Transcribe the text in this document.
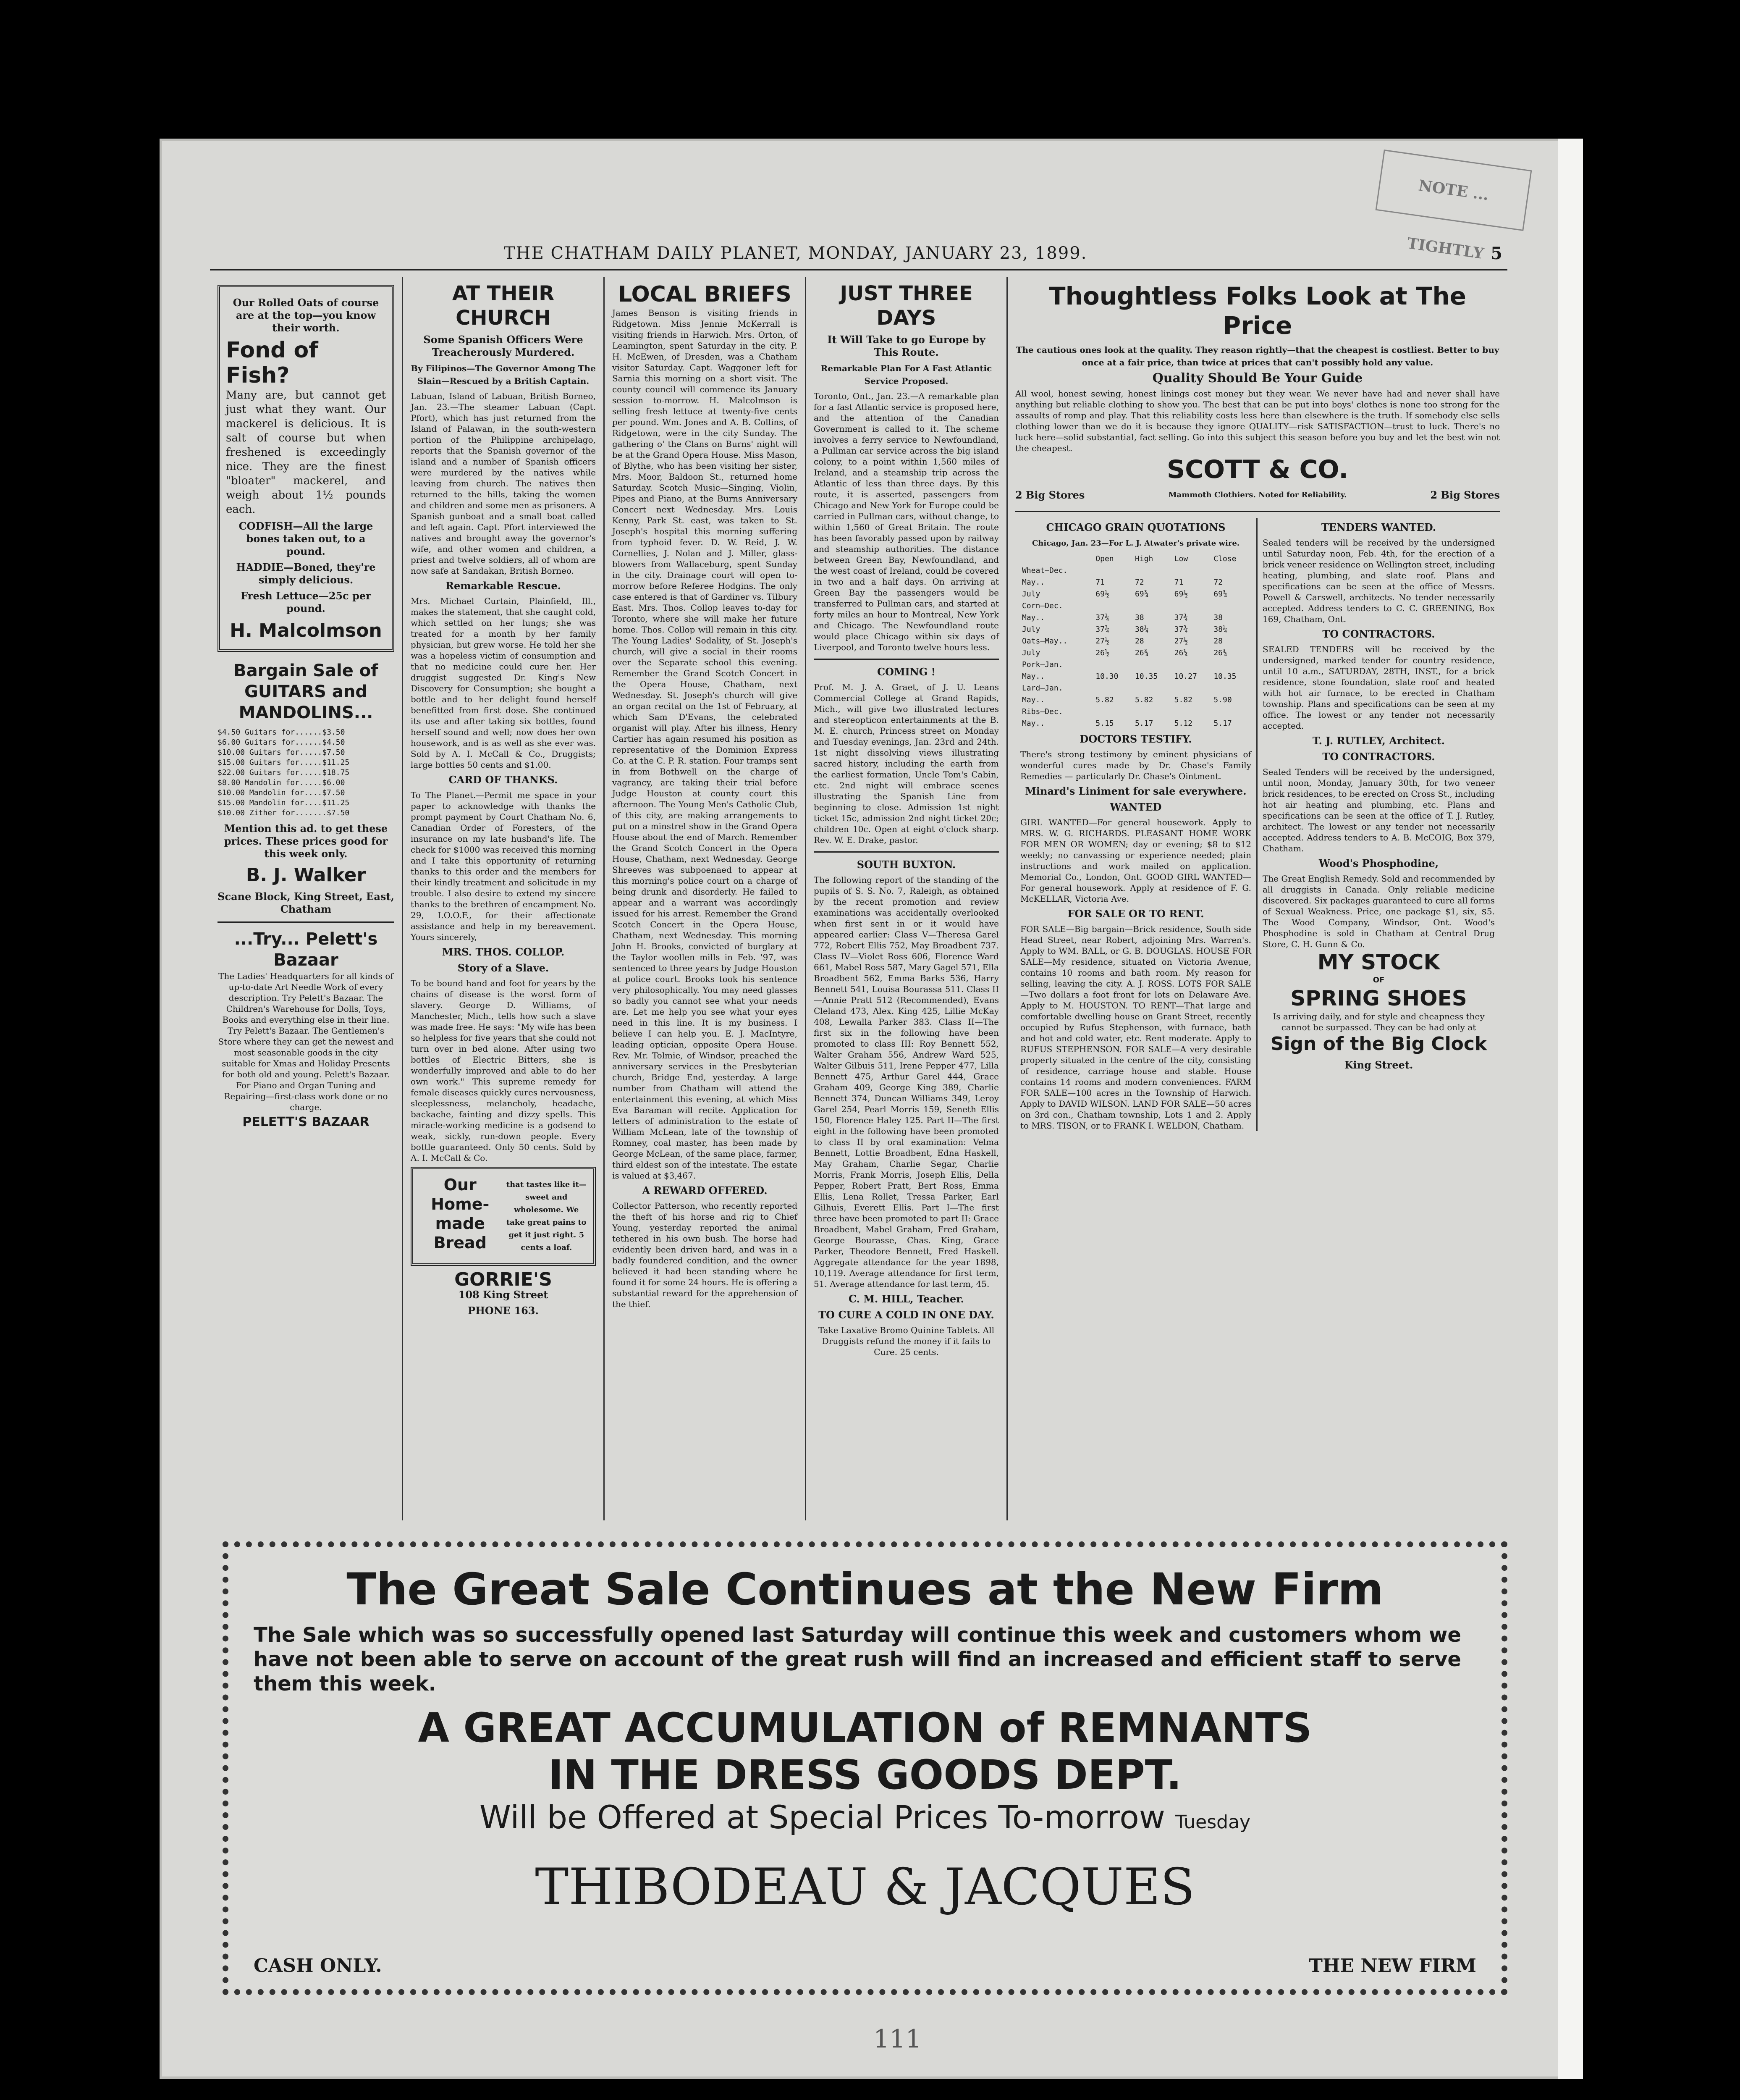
NOTE ... TIGHTLY
THE CHATHAM DAILY PLANET, MONDAY, JANUARY 23, 1899.	5
Our Rolled Oats of course are at the top—you know their worth.
Fond of Fish?
Many are, but cannot get just what they want. Our mackerel is delicious. It is salt of course but when freshened is exceedingly nice. They are the finest "bloater" mackerel, and weigh about 1½ pounds each.

CODFISH—All the large bones taken out, to a pound.

HADDIE—Boned, they're simply delicious.

Fresh Lettuce—25c per pound.

H. Malcolmson
Bargain Sale of GUITARS and MANDOLINS...
$4.50 Guitars for......$3.50
$6.00 Guitars for......$4.50
$10.00 Guitars for.....$7.50
$15.00 Guitars for.....$11.25
$22.00 Guitars for.....$18.75
$8.00 Mandolin for.....$6.00
$10.00 Mandolin for....$7.50
$15.00 Mandolin for....$11.25
$10.00 Zither for.......$7.50
Mention this ad. to get these prices. These prices good for this week only.
B. J. Walker
Scane Block, King Street, East, Chatham
...Try... Pelett's Bazaar
The Ladies' Headquarters for all kinds of up-to-date Art Needle Work of every description. Try Pelett's Bazaar. The Children's Warehouse for Dolls, Toys, Books and everything else in their line. Try Pelett's Bazaar. The Gentlemen's Store where they can get the newest and most seasonable goods in the city suitable for Xmas and Holiday Presents for both old and young. Pelett's Bazaar. For Piano and Organ Tuning and Repairing—first-class work done or no charge.
PELETT'S BAZAAR
AT THEIR CHURCH
Some Spanish Officers Were Treacherously Murdered.
By Filipinos—The Governor Among The Slain—Rescued by a British Captain.
Labuan, Island of Labuan, British Borneo, Jan. 23.—The steamer Labuan (Capt. Pfort), which has just returned from the Island of Palawan, in the south-western portion of the Philippine archipelago, reports that the Spanish governor of the island and a number of Spanish officers were murdered by the natives while leaving from church. The natives then returned to the hills, taking the women and children and some men as prisoners. A Spanish gunboat and a small boat called and left again. Capt. Pfort interviewed the natives and brought away the governor's wife, and other women and children, a priest and twelve soldiers, all of whom are now safe at Sandakan, British Borneo.
Remarkable Rescue.
Mrs. Michael Curtain, Plainfield, Ill., makes the statement, that she caught cold, which settled on her lungs; she was treated for a month by her family physician, but grew worse. He told her she was a hopeless victim of consumption and that no medicine could cure her. Her druggist suggested Dr. King's New Discovery for Consumption; she bought a bottle and to her delight found herself benefitted from first dose. She continued its use and after taking six bottles, found herself sound and well; now does her own housework, and is as well as she ever was. Sold by A. I. McCall & Co., Druggists; large bottles 50 cents and $1.00.
CARD OF THANKS.
To The Planet.—Permit me space in your paper to acknowledge with thanks the prompt payment by Court Chatham No. 6, Canadian Order of Foresters, of the insurance on my late husband's life. The check for $1000 was received this morning and I take this opportunity of returning thanks to this order and the members for their kindly treatment and solicitude in my trouble. I also desire to extend my sincere thanks to the brethren of encampment No. 29, I.O.O.F., for their affectionate assistance and help in my bereavement. Yours sincerely,
MRS. THOS. COLLOP.
Story of a Slave.
To be bound hand and foot for years by the chains of disease is the worst form of slavery. George D. Williams, of Manchester, Mich., tells how such a slave was made free. He says: "My wife has been so helpless for five years that she could not turn over in bed alone. After using two bottles of Electric Bitters, she is wonderfully improved and able to do her own work." This supreme remedy for female diseases quickly cures nervousness, sleeplessness, melancholy, headache, backache, fainting and dizzy spells. This miracle-working medicine is a godsend to weak, sickly, run-down people. Every bottle guaranteed. Only 50 cents. Sold by A. I. McCall & Co.
Our Home-made Bread
that tastes like it—sweet and wholesome. We take great pains to get it just right. 5 cents a loaf.
GORRIE'S
108 King Street
PHONE 163.
LOCAL BRIEFS
James Benson is visiting friends in Ridgetown. Miss Jennie McKerrall is visiting friends in Harwich. Mrs. Orton, of Leamington, spent Saturday in the city. P. H. McEwen, of Dresden, was a Chatham visitor Saturday. Capt. Waggoner left for Sarnia this morning on a short visit. The county council will commence its January session to-morrow. H. Malcolmson is selling fresh lettuce at twenty-five cents per pound. Wm. Jones and A. B. Collins, of Ridgetown, were in the city Sunday. The gathering o' the Clans on Burns' night will be at the Grand Opera House. Miss Mason, of Blythe, who has been visiting her sister, Mrs. Moor, Baldoon St., returned home Saturday. Scotch Music—Singing, Violin, Pipes and Piano, at the Burns Anniversary Concert next Wednesday. Mrs. Louis Kenny, Park St. east, was taken to St. Joseph's hospital this morning suffering from typhoid fever. D. W. Reid, J. W. Cornellies, J. Nolan and J. Miller, glass-blowers from Wallaceburg, spent Sunday in the city. Drainage court will open to-morrow before Referee Hodgins. The only case entered is that of Gardiner vs. Tilbury East. Mrs. Thos. Collop leaves to-day for Toronto, where she will make her future home. Thos. Collop will remain in this city. The Young Ladies' Sodality, of St. Joseph's church, will give a social in their rooms over the Separate school this evening. Remember the Grand Scotch Concert in the Opera House, Chatham, next Wednesday. St. Joseph's church will give an organ recital on the 1st of February, at which Sam D'Evans, the celebrated organist will play. After his illness, Henry Cartier has again resumed his position as representative of the Dominion Express Co. at the C. P. R. station. Four tramps sent in from Bothwell on the charge of vagrancy, are taking their trial before Judge Houston at county court this afternoon. The Young Men's Catholic Club, of this city, are making arrangements to put on a minstrel show in the Grand Opera House about the end of March. Remember the Grand Scotch Concert in the Opera House, Chatham, next Wednesday. George Shreeves was subpoenaed to appear at this morning's police court on a charge of being drunk and disorderly. He failed to appear and a warrant was accordingly issued for his arrest. Remember the Grand Scotch Concert in the Opera House, Chatham, next Wednesday. This morning John H. Brooks, convicted of burglary at the Taylor woollen mills in Feb. '97, was sentenced to three years by Judge Houston at police court. Brooks took his sentence very philosophically. You may need glasses so badly you cannot see what your needs are. Let me help you see what your eyes need in this line. It is my business. I believe I can help you. E. J. MacIntyre, leading optician, opposite Opera House. Rev. Mr. Tolmie, of Windsor, preached the anniversary services in the Presbyterian church, Bridge End, yesterday. A large number from Chatham will attend the entertainment this evening, at which Miss Eva Baraman will recite. Application for letters of administration to the estate of William McLean, late of the township of Romney, coal master, has been made by George McLean, of the same place, farmer, third eldest son of the intestate. The estate is valued at $3,467.
A REWARD OFFERED.
Collector Patterson, who recently reported the theft of his horse and rig to Chief Young, yesterday reported the animal tethered in his own bush. The horse had evidently been driven hard, and was in a badly foundered condition, and the owner believed it had been standing where he found it for some 24 hours. He is offering a substantial reward for the apprehension of the thief.
JUST THREE DAYS
It Will Take to go Europe by This Route.
Remarkable Plan For A Fast Atlantic Service Proposed.
Toronto, Ont., Jan. 23.—A remarkable plan for a fast Atlantic service is proposed here, and the attention of the Canadian Government is called to it. The scheme involves a ferry service to Newfoundland, a Pullman car service across the big island colony, to a point within 1,560 miles of Ireland, and a steamship trip across the Atlantic of less than three days. By this route, it is asserted, passengers from Chicago and New York for Europe could be carried in Pullman cars, without change, to within 1,560 of Great Britain. The route has been favorably passed upon by railway and steamship authorities. The distance between Green Bay, Newfoundland, and the west coast of Ireland, could be covered in two and a half days. On arriving at Green Bay the passengers would be transferred to Pullman cars, and started at forty miles an hour to Montreal, New York and Chicago. The Newfoundland route would place Chicago within six days of Liverpool, and Toronto twelve hours less.
COMING !
Prof. M. J. A. Graet, of J. U. Leans Commercial College at Grand Rapids, Mich., will give two illustrated lectures and stereopticon entertainments at the B. M. E. church, Princess street on Monday and Tuesday evenings, Jan. 23rd and 24th. 1st night dissolving views illustrating sacred history, including the earth from the earliest formation, Uncle Tom's Cabin, etc. 2nd night will embrace scenes illustrating the Spanish Line from beginning to close. Admission 1st night ticket 15c, admission 2nd night ticket 20c; children 10c. Open at eight o'clock sharp. Rev. W. E. Drake, pastor.
SOUTH BUXTON.
The following report of the standing of the pupils of S. S. No. 7, Raleigh, as obtained by the recent promotion and review examinations was accidentally overlooked when first sent in or it would have appeared earlier: Class V—Theresa Garel 772, Robert Ellis 752, May Broadbent 737. Class IV—Violet Ross 606, Florence Ward 661, Mabel Ross 587, Mary Gagel 571, Ella Broadbent 562, Emma Barks 536, Harry Bennett 541, Louisa Bourassa 511. Class II—Annie Pratt 512 (Recommended), Evans Cleland 473, Alex. King 425, Lillie McKay 408, Lewalla Parker 383. Class II—The first six in the following have been promoted to class III: Roy Bennett 552, Walter Graham 556, Andrew Ward 525, Walter Gilbuis 511, Irene Pepper 477, Lilla Bennett 475, Arthur Garel 444, Grace Graham 409, George King 389, Charlie Bennett 374, Duncan Williams 349, Leroy Garel 254, Pearl Morris 159, Seneth Ellis 150, Florence Haley 125. Part II—The first eight in the following have been promoted to class II by oral examination: Velma Bennett, Lottie Broadbent, Edna Haskell, May Graham, Charlie Segar, Charlie Morris, Frank Morris, Joseph Ellis, Della Pepper, Robert Pratt, Bert Ross, Emma Ellis, Lena Rollet, Tressa Parker, Earl Gilhuis, Everett Ellis. Part I—The first three have been promoted to part II: Grace Broadbent, Mabel Graham, Fred Graham, George Bourasse, Chas. King, Grace Parker, Theodore Bennett, Fred Haskell. Aggregate attendance for the year 1898, 10,119. Average attendance for first term, 51. Average attendance for last term, 45.
C. M. HILL, Teacher.
TO CURE A COLD IN ONE DAY.
Take Laxative Bromo Quinine Tablets. All Druggists refund the money if it fails to Cure. 25 cents.
Thoughtless Folks Look at The Price
The cautious ones look at the quality. They reason rightly—that the cheapest is costliest. Better to buy once at a fair price, than twice at prices that can't possibly hold any value.
Quality Should Be Your Guide
All wool, honest sewing, honest linings cost money but they wear. We never have had and never shall have anything but reliable clothing to show you. The best that can be put into boys' clothes is none too strong for the assaults of romp and play. That this reliability costs less here than elsewhere is the truth. If somebody else sells clothing lower than we do it is because they ignore QUALITY—risk SATISFACTION—trust to luck. There's no luck here—solid substantial, fact selling. Go into this subject this season before you buy and let the best win not the cheapest.
SCOTT & CO.
2 Big Stores	Mammoth Clothiers. Noted for Reliability.	2 Big Stores
CHICAGO GRAIN QUOTATIONS
Chicago, Jan. 23—For L. J. Atwater's private wire.
	Open	High	Low	Close
Wheat—Dec.				
May..	71	72	71	72
July	69½	69¾	69½	69¾
Corn—Dec.				
May..	37¾	38	37¾	38
July	37¾	38¼	37¾	38¼
Oats—May..	27½	28	27½	28
July	26½	26¾	26¼	26¾
Pork—Jan.				
May..	10.30	10.35	10.27	10.35
Lard—Jan.				
May..	5.82	5.82	5.82	5.90
Ribs—Dec.				
May..	5.15	5.17	5.12	5.17
DOCTORS TESTIFY.
There's strong testimony by eminent physicians of wonderful cures made by Dr. Chase's Family Remedies — particularly Dr. Chase's Ointment.
Minard's Liniment for sale everywhere.
WANTED
GIRL WANTED—For general housework. Apply to MRS. W. G. RICHARDS. PLEASANT HOME WORK FOR MEN OR WOMEN; day or evening; $8 to $12 weekly; no canvassing or experience needed; plain instructions and work mailed on application. Memorial Co., London, Ont. GOOD GIRL WANTED—For general housework. Apply at residence of F. G. McKELLAR, Victoria Ave.
FOR SALE OR TO RENT.
FOR SALE—Big bargain—Brick residence, South side Head Street, near Robert, adjoining Mrs. Warren's. Apply to WM. BALL, or G. B. DOUGLAS. HOUSE FOR SALE—My residence, situated on Victoria Avenue, contains 10 rooms and bath room. My reason for selling, leaving the city. A. J. ROSS. LOTS FOR SALE—Two dollars a foot front for lots on Delaware Ave. Apply to M. HOUSTON. TO RENT—That large and comfortable dwelling house on Grant Street, recently occupied by Rufus Stephenson, with furnace, bath and hot and cold water, etc. Rent moderate. Apply to RUFUS STEPHENSON. FOR SALE—A very desirable property situated in the centre of the city, consisting of residence, carriage house and stable. House contains 14 rooms and modern conveniences. FARM FOR SALE—100 acres in the Township of Harwich. Apply to DAVID WILSON. LAND FOR SALE—50 acres on 3rd con., Chatham township, Lots 1 and 2. Apply to MRS. TISON, or to FRANK I. WELDON, Chatham.
TENDERS WANTED.
Sealed tenders will be received by the undersigned until Saturday noon, Feb. 4th, for the erection of a brick veneer residence on Wellington street, including heating, plumbing, and slate roof. Plans and specifications can be seen at the office of Messrs. Powell & Carswell, architects. No tender necessarily accepted. Address tenders to C. C. GREENING, Box 169, Chatham, Ont.
TO CONTRACTORS.
SEALED TENDERS will be received by the undersigned, marked tender for country residence, until 10 a.m., SATURDAY, 28TH, INST., for a brick residence, stone foundation, slate roof and heated with hot air furnace, to be erected in Chatham township. Plans and specifications can be seen at my office. The lowest or any tender not necessarily accepted.
T. J. RUTLEY, Architect.
TO CONTRACTORS.
Sealed Tenders will be received by the undersigned, until noon, Monday, January 30th, for two veneer brick residences, to be erected on Cross St., including hot air heating and plumbing, etc. Plans and specifications can be seen at the office of T. J. Rutley, architect. The lowest or any tender not necessarily accepted. Address tenders to A. B. McCOIG, Box 379, Chatham.
Wood's Phosphodine,
The Great English Remedy. Sold and recommended by all druggists in Canada. Only reliable medicine discovered. Six packages guaranteed to cure all forms of Sexual Weakness. Price, one package $1, six, $5. The Wood Company, Windsor, Ont. Wood's Phosphodine is sold in Chatham at Central Drug Store, C. H. Gunn & Co.
MY STOCK
OF
SPRING SHOES
Is arriving daily, and for style and cheapness they cannot be surpassed. They can be had only at
Sign of the Big Clock
King Street.
The Great Sale Continues at the New Firm
The Sale which was so successfully opened last Saturday will continue this week and customers whom we have not been able to serve on account of the great rush will find an increased and efficient staff to serve them this week.
A GREAT ACCUMULATION of REMNANTS
IN THE DRESS GOODS DEPT.
Will be Offered at Special Prices To-morrow Tuesday
THIBODEAU & JACQUES
CASH ONLY.	THE NEW FIRM
111
